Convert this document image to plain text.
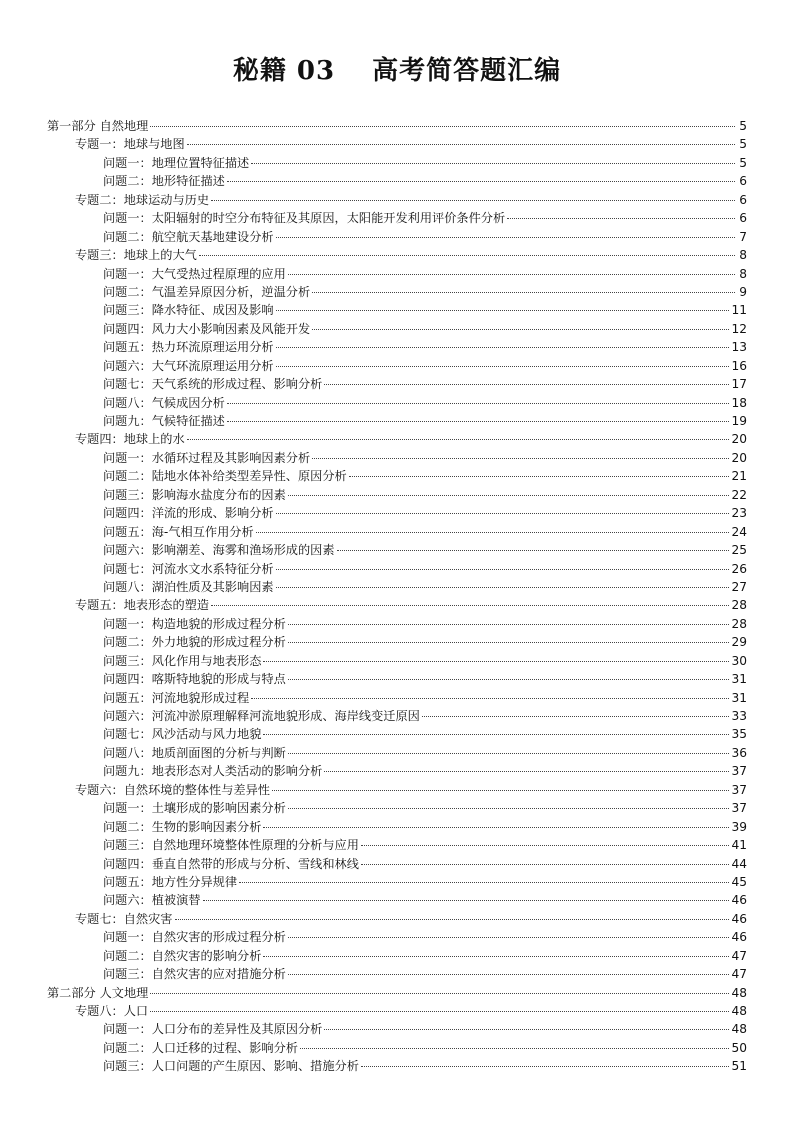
秘籍 03　 高考简答题汇编
第一部分 自然地理	5
专题一：地球与地图	5
问题一：地理位置特征描述	5
问题二：地形特征描述	6
专题二：地球运动与历史	6
问题一：太阳辐射的时空分布特征及其原因，太阳能开发利用评价条件分析	6
问题二：航空航天基地建设分析	7
专题三：地球上的大气	8
问题一：大气受热过程原理的应用	8
问题二：气温差异原因分析，逆温分析	9
问题三：降水特征、成因及影响	11
问题四：风力大小影响因素及风能开发	12
问题五：热力环流原理运用分析	13
问题六：大气环流原理运用分析	16
问题七：天气系统的形成过程、影响分析	17
问题八：气候成因分析	18
问题九：气候特征描述	19
专题四：地球上的水	20
问题一：水循环过程及其影响因素分析	20
问题二：陆地水体补给类型差异性、原因分析	21
问题三：影响海水盐度分布的因素	22
问题四：洋流的形成、影响分析	23
问题五：海-气相互作用分析	24
问题六：影响潮差、海雾和渔场形成的因素	25
问题七：河流水文水系特征分析	26
问题八：湖泊性质及其影响因素	27
专题五：地表形态的塑造	28
问题一：构造地貌的形成过程分析	28
问题二：外力地貌的形成过程分析	29
问题三：风化作用与地表形态	30
问题四：喀斯特地貌的形成与特点	31
问题五：河流地貌形成过程	31
问题六：河流冲淤原理解释河流地貌形成、海岸线变迁原因	33
问题七：风沙活动与风力地貌	35
问题八：地质剖面图的分析与判断	36
问题九：地表形态对人类活动的影响分析	37
专题六：自然环境的整体性与差异性	37
问题一：土壤形成的影响因素分析	37
问题二：生物的影响因素分析	39
问题三：自然地理环境整体性原理的分析与应用	41
问题四：垂直自然带的形成与分析、雪线和林线	44
问题五：地方性分异规律	45
问题六：植被演替	46
专题七：自然灾害	46
问题一：自然灾害的形成过程分析	46
问题二：自然灾害的影响分析	47
问题三：自然灾害的应对措施分析	47
第二部分 人文地理	48
专题八：人口	48
问题一：人口分布的差异性及其原因分析	48
问题二：人口迁移的过程、影响分析	50
问题三：人口问题的产生原因、影响、措施分析	51
